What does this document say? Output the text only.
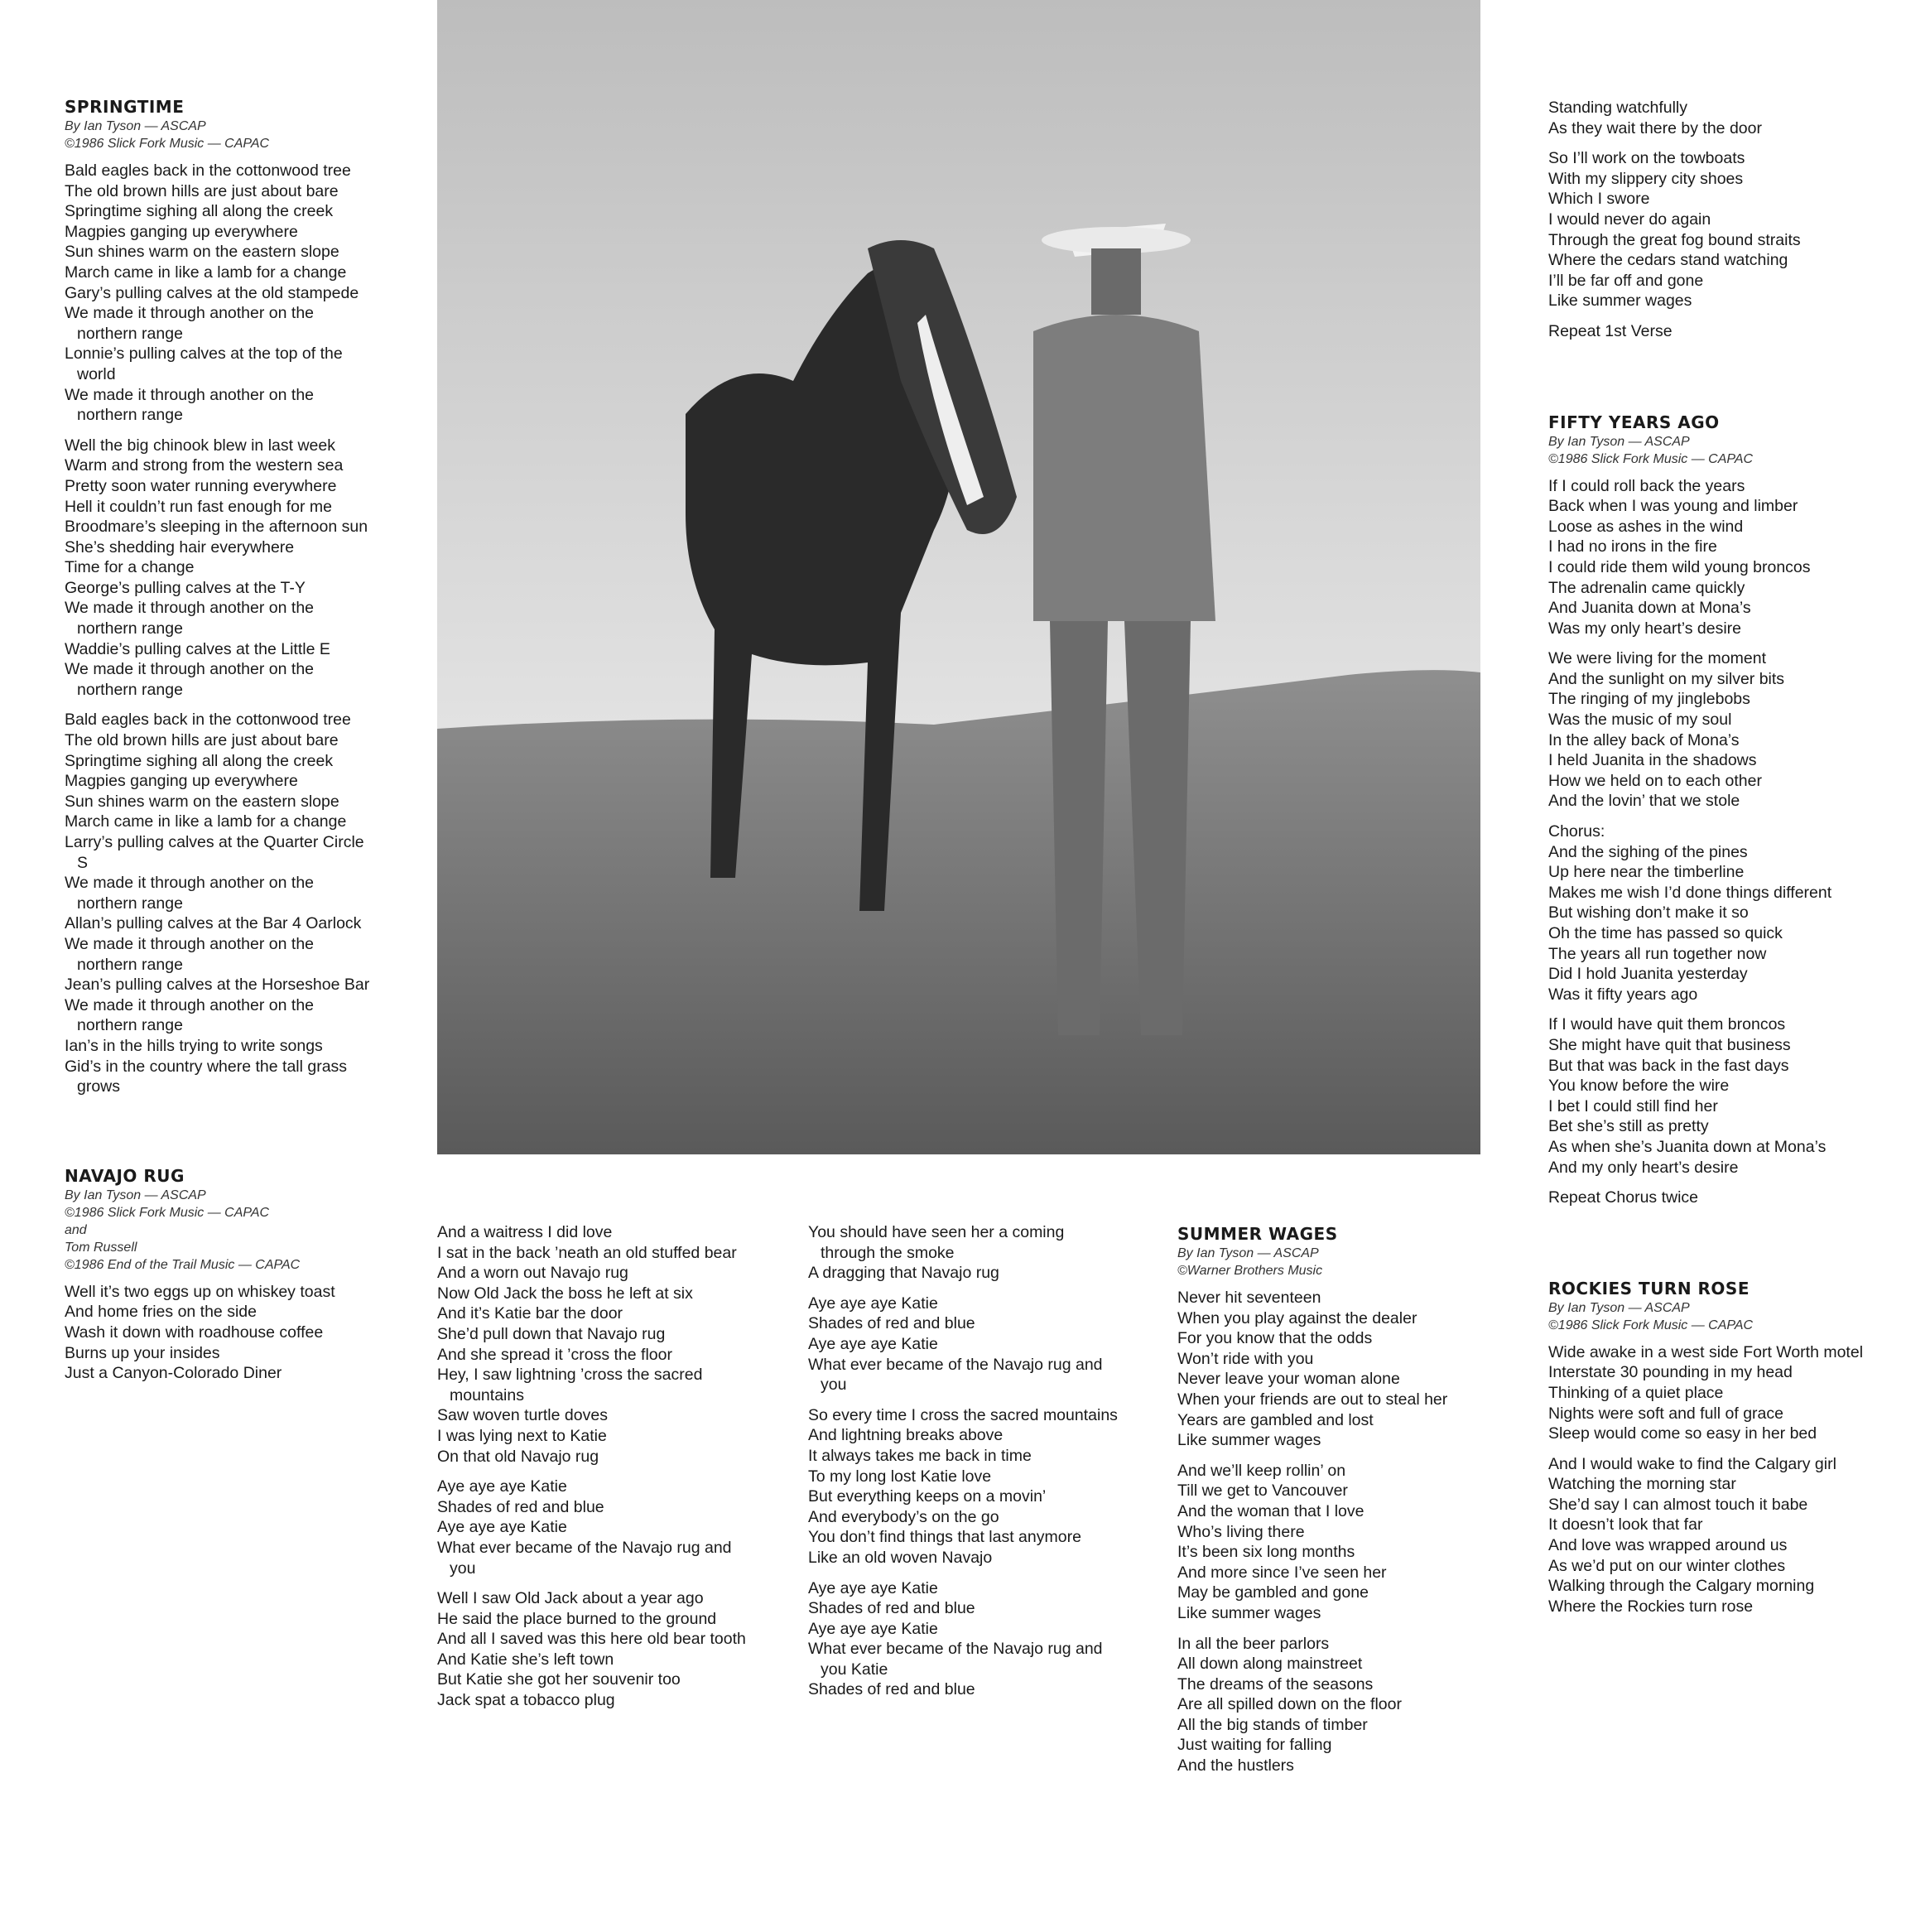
SPRINGTIME
By Ian Tyson — ASCAP
©1986 Slick Fork Music — CAPAC
Bald eagles back in the cottonwood tree
The old brown hills are just about bare
Springtime sighing all along the creek
Magpies ganging up everywhere
Sun shines warm on the eastern slope
March came in like a lamb for a change
Gary’s pulling calves at the old stampede
We made it through another on the northern range
Lonnie’s pulling calves at the top of the world
We made it through another on the northern range
Well the big chinook blew in last week
Warm and strong from the western sea
Pretty soon water running everywhere
Hell it couldn’t run fast enough for me
Broodmare’s sleeping in the afternoon sun
She’s shedding hair everywhere
Time for a change
George’s pulling calves at the T-Y
We made it through another on the northern range
Waddie’s pulling calves at the Little E
We made it through another on the northern range
Bald eagles back in the cottonwood tree
The old brown hills are just about bare
Springtime sighing all along the creek
Magpies ganging up everywhere
Sun shines warm on the eastern slope
March came in like a lamb for a change
Larry’s pulling calves at the Quarter Circle S
We made it through another on the northern range
Allan’s pulling calves at the Bar 4 Oarlock
We made it through another on the northern range
Jean’s pulling calves at the Horseshoe Bar
We made it through another on the northern range
Ian’s in the hills trying to write songs
Gid’s in the country where the tall grass grows
NAVAJO RUG
By Ian Tyson — ASCAP
©1986 Slick Fork Music — CAPAC
and
Tom Russell
©1986 End of the Trail Music — CAPAC
Well it’s two eggs up on whiskey toast
And home fries on the side
Wash it down with roadhouse coffee
Burns up your insides
Just a Canyon-Colorado Diner
And a waitress I did love
I sat in the back ’neath an old stuffed bear
And a worn out Navajo rug
Now Old Jack the boss he left at six
And it’s Katie bar the door
She’d pull down that Navajo rug
And she spread it ’cross the floor
Hey, I saw lightning ’cross the sacred mountains
Saw woven turtle doves
I was lying next to Katie
On that old Navajo rug
Aye aye aye Katie
Shades of red and blue
Aye aye aye Katie
What ever became of the Navajo rug and you
Well I saw Old Jack about a year ago
He said the place burned to the ground
And all I saved was this here old bear tooth
And Katie she’s left town
But Katie she got her souvenir too
Jack spat a tobacco plug
You should have seen her a coming through the smoke
A dragging that Navajo rug
Aye aye aye Katie
Shades of red and blue
Aye aye aye Katie
What ever became of the Navajo rug and you
So every time I cross the sacred mountains
And lightning breaks above
It always takes me back in time
To my long lost Katie love
But everything keeps on a movin’
And everybody’s on the go
You don’t find things that last anymore
Like an old woven Navajo
Aye aye aye Katie
Shades of red and blue
Aye aye aye Katie
What ever became of the Navajo rug and you Katie
Shades of red and blue
SUMMER WAGES
By Ian Tyson — ASCAP
©Warner Brothers Music
Never hit seventeen
When you play against the dealer
For you know that the odds
Won’t ride with you
Never leave your woman alone
When your friends are out to steal her
Years are gambled and lost
Like summer wages
And we’ll keep rollin’ on
Till we get to Vancouver
And the woman that I love
Who’s living there
It’s been six long months
And more since I’ve seen her
May be gambled and gone
Like summer wages
In all the beer parlors
All down along mainstreet
The dreams of the seasons
Are all spilled down on the floor
All the big stands of timber
Just waiting for falling
And the hustlers
Standing watchfully
As they wait there by the door
So I’ll work on the towboats
With my slippery city shoes
Which I swore
I would never do again
Through the great fog bound straits
Where the cedars stand watching
I’ll be far off and gone
Like summer wages
Repeat 1st Verse
FIFTY YEARS AGO
By Ian Tyson — ASCAP
©1986 Slick Fork Music — CAPAC
If I could roll back the years
Back when I was young and limber
Loose as ashes in the wind
I had no irons in the fire
I could ride them wild young broncos
The adrenalin came quickly
And Juanita down at Mona’s
Was my only heart’s desire
We were living for the moment
And the sunlight on my silver bits
The ringing of my jinglebobs
Was the music of my soul
In the alley back of Mona’s
I held Juanita in the shadows
How we held on to each other
And the lovin’ that we stole
Chorus:
And the sighing of the pines
Up here near the timberline
Makes me wish I’d done things different
But wishing don’t make it so
Oh the time has passed so quick
The years all run together now
Did I hold Juanita yesterday
Was it fifty years ago
If I would have quit them broncos
She might have quit that business
But that was back in the fast days
You know before the wire
I bet I could still find her
Bet she’s still as pretty
As when she’s Juanita down at Mona’s
And my only heart’s desire
Repeat Chorus twice
ROCKIES TURN ROSE
By Ian Tyson — ASCAP
©1986 Slick Fork Music — CAPAC
Wide awake in a west side Fort Worth motel
Interstate 30 pounding in my head
Thinking of a quiet place
Nights were soft and full of grace
Sleep would come so easy in her bed
And I would wake to find the Calgary girl
Watching the morning star
She’d say I can almost touch it babe
It doesn’t look that far
And love was wrapped around us
As we’d put on our winter clothes
Walking through the Calgary morning
Where the Rockies turn rose
